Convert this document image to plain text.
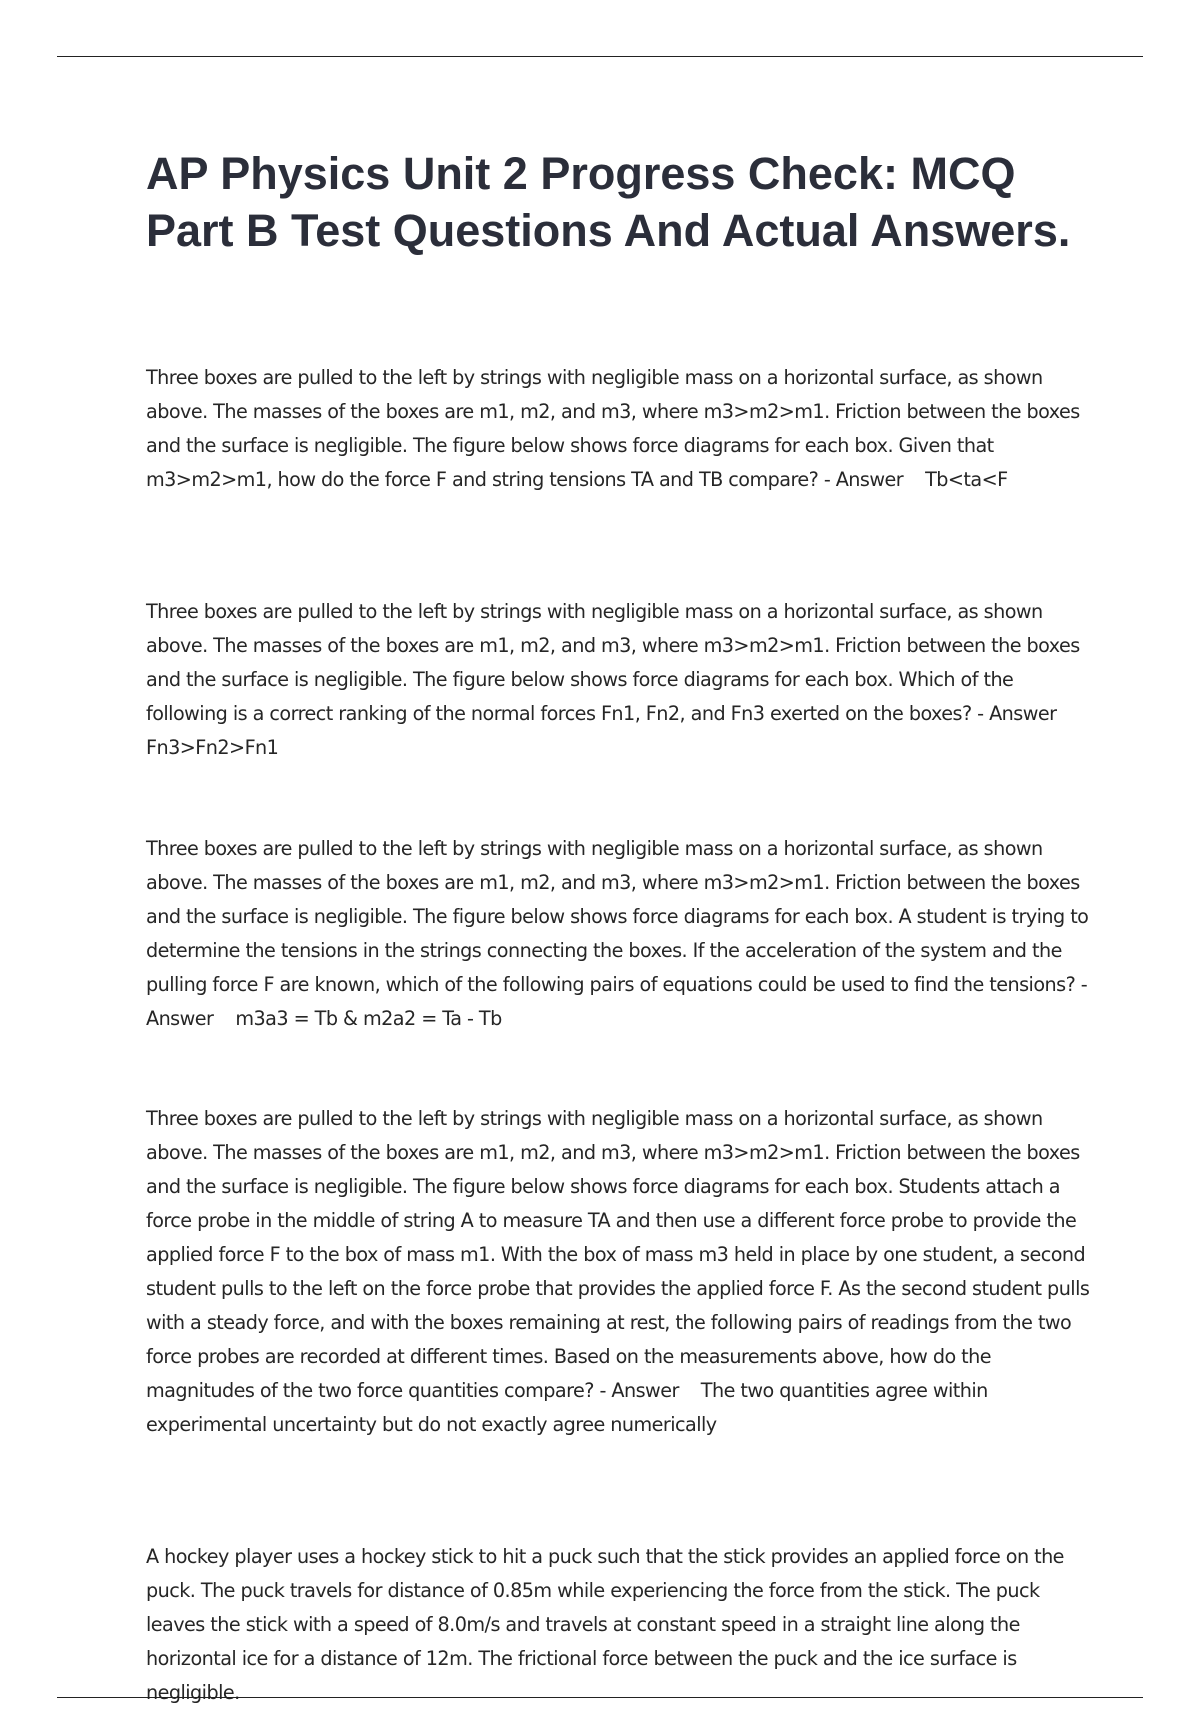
AP Physics Unit 2 Progress Check: MCQ Part B Test Questions And Actual Answers.

Three boxes are pulled to the left by strings with negligible mass on a horizontal surface, as shown above. The masses of the boxes are m1, m2, and m3, where m3>m2>m1. Friction between the boxes and the surface is negligible. The figure below shows force diagrams for each box. Given that m3>m2>m1, how do the force F and string tensions TA and TB compare? - Answer Tb<ta<F

Three boxes are pulled to the left by strings with negligible mass on a horizontal surface, as shown above. The masses of the boxes are m1, m2, and m3, where m3>m2>m1. Friction between the boxes and the surface is negligible. The figure below shows force diagrams for each box. Which of the following is a correct ranking of the normal forces Fn1, Fn2, and Fn3 exerted on the boxes? - AnswerFn3>Fn2>Fn1

Three boxes are pulled to the left by strings with negligible mass on a horizontal surface, as shown above. The masses of the boxes are m1, m2, and m3, where m3>m2>m1. Friction between the boxes and the surface is negligible. The figure below shows force diagrams for each box. A student is trying to determine the tensions in the strings connecting the boxes. If the acceleration of the system and the pulling force F are known, which of the following pairs of equations could be used to find the tensions? - Answer m3a3 = Tb & m2a2 = Ta - Tb

Three boxes are pulled to the left by strings with negligible mass on a horizontal surface, as shown above. The masses of the boxes are m1, m2, and m3, where m3>m2>m1. Friction between the boxes and the surface is negligible. The figure below shows force diagrams for each box. Students attach a force probe in the middle of string A to measure TA and then use a different force probe to provide the applied force F to the box of mass m1. With the box of mass m3 held in place by one student, a second student pulls to the left on the force probe that provides the applied force F. As the second student pulls with a steady force, and with the boxes remaining at rest, the following pairs of readings from the two force probes are recorded at different times. Based on the measurements above, how do the magnitudes of the two force quantities compare? - Answer The two quantities agree within experimental uncertainty but do not exactly agree numerically

A hockey player uses a hockey stick to hit a puck such that the stick provides an applied force on the puck. The puck travels for distance of 0.85m while experiencing the force from the stick. The puck leaves the stick with a speed of 8.0m/s and travels at constant speed in a straight line along the horizontal ice for a distance of 12m. The frictional force between the puck and the ice surface is negligible.
